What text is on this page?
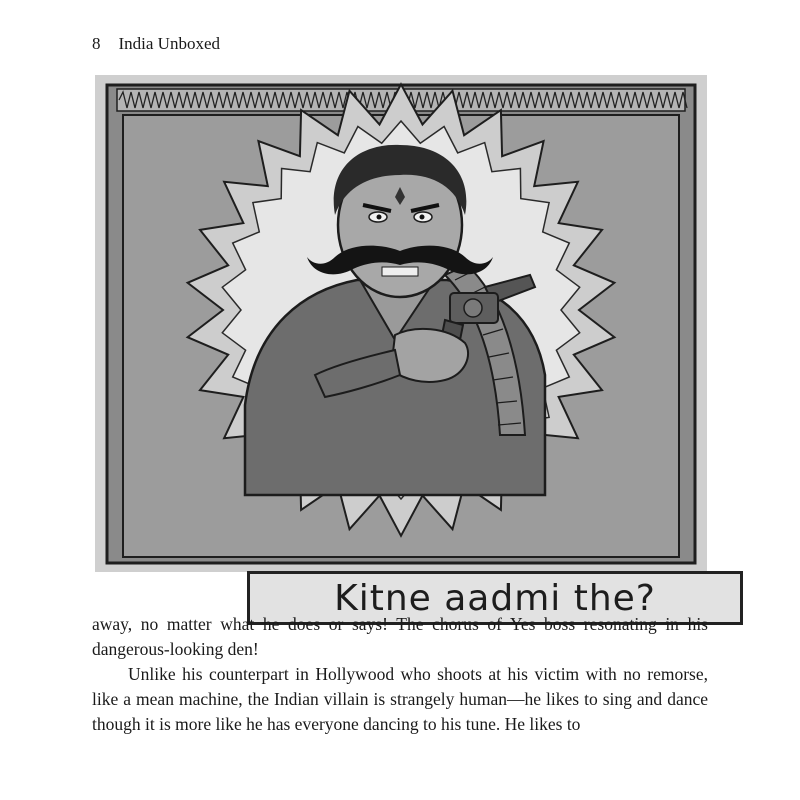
8 India Unboxed
Kitne aadmi the?

away, no matter what he does or says! The chorus of Yes boss resonating in his dangerous-looking den!

Unlike his counterpart in Hollywood who shoots at his victim with no remorse, like a mean machine, the Indian villain is strangely human—he likes to sing and dance though it is more like he has everyone dancing to his tune. He likes to
